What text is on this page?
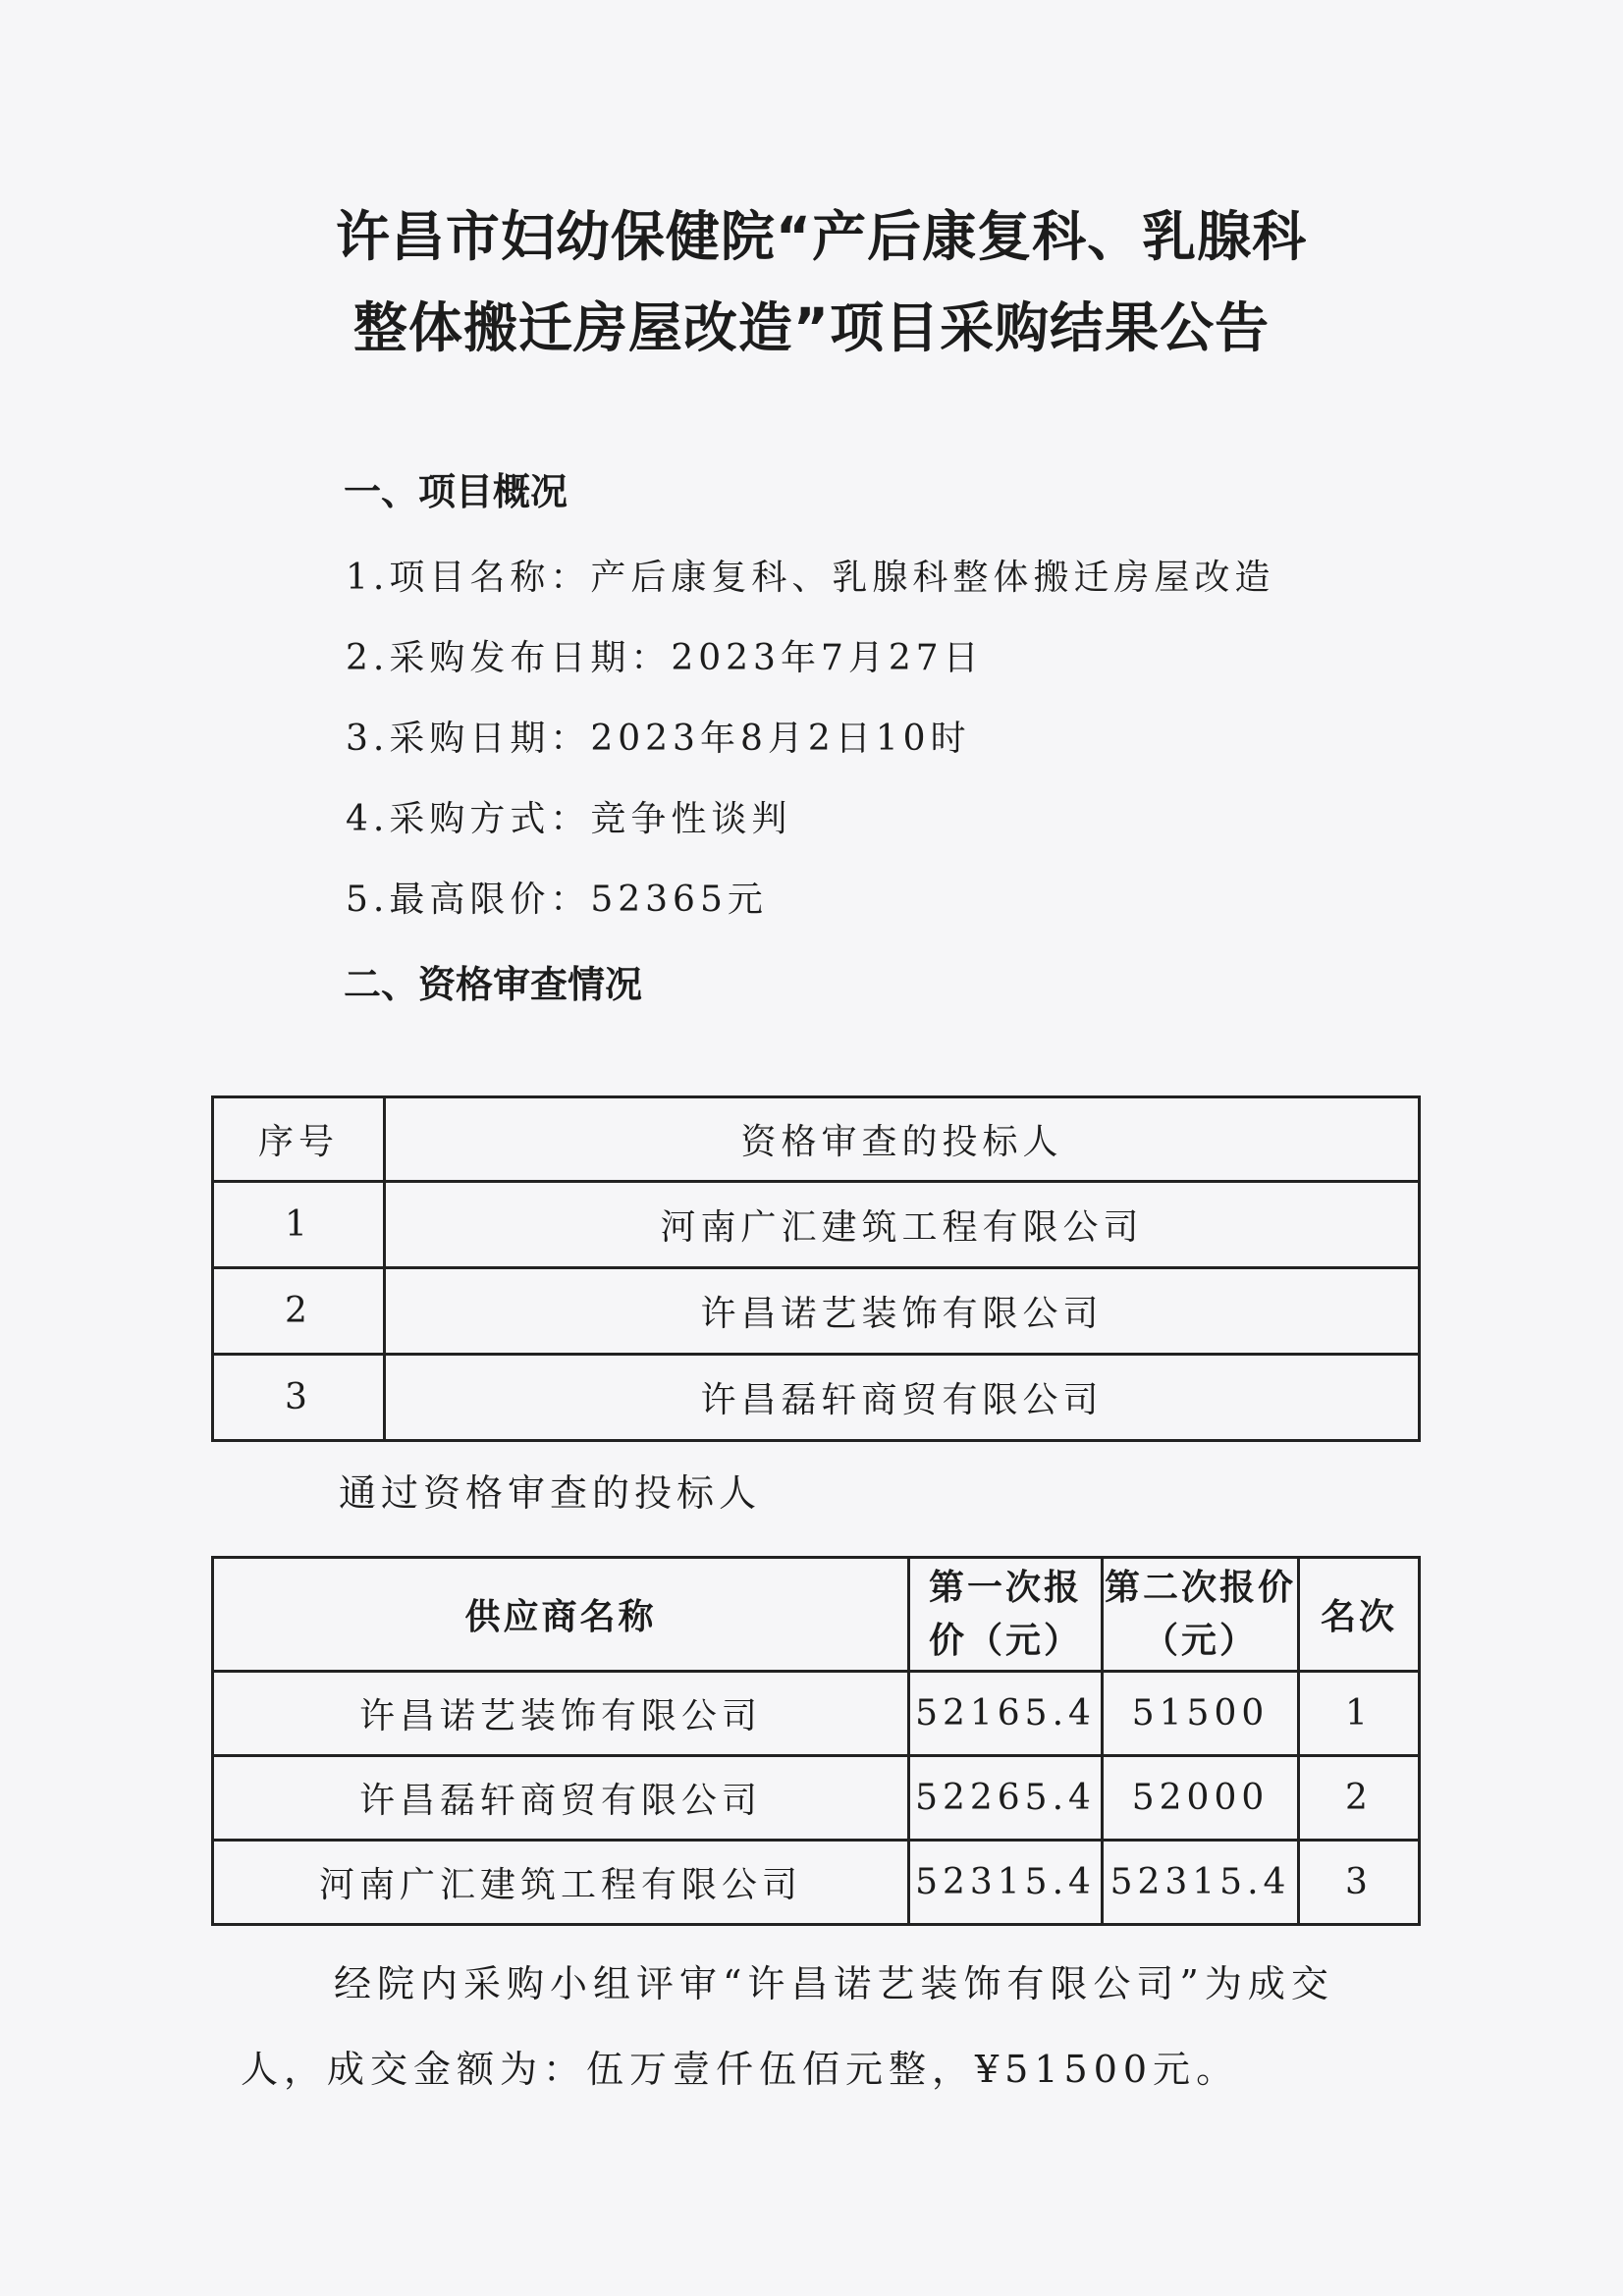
许昌市妇幼保健院“产后康复科、乳腺科
整体搬迁房屋改造”项目采购结果公告
一、项目概况
1.项目名称：产后康复科、乳腺科整体搬迁房屋改造
2.采购发布日期：2023年7月27日
3.采购日期：2023年8月2日10时
4.采购方式：竞争性谈判
5.最高限价：52365元
二、资格审查情况
序号	资格审查的投标人
1	河南广汇建筑工程有限公司
2	许昌诺艺装饰有限公司
3	许昌磊轩商贸有限公司
通过资格审查的投标人
供应商名称	第一次报价（元）	第二次报价（元）	名次
许昌诺艺装饰有限公司	52165.4	51500	1
许昌磊轩商贸有限公司	52265.4	52000	2
河南广汇建筑工程有限公司	52315.4	52315.4	3
经院内采购小组评审“许昌诺艺装饰有限公司”为成交
人，成交金额为：伍万壹仟伍佰元整，¥51500元。
